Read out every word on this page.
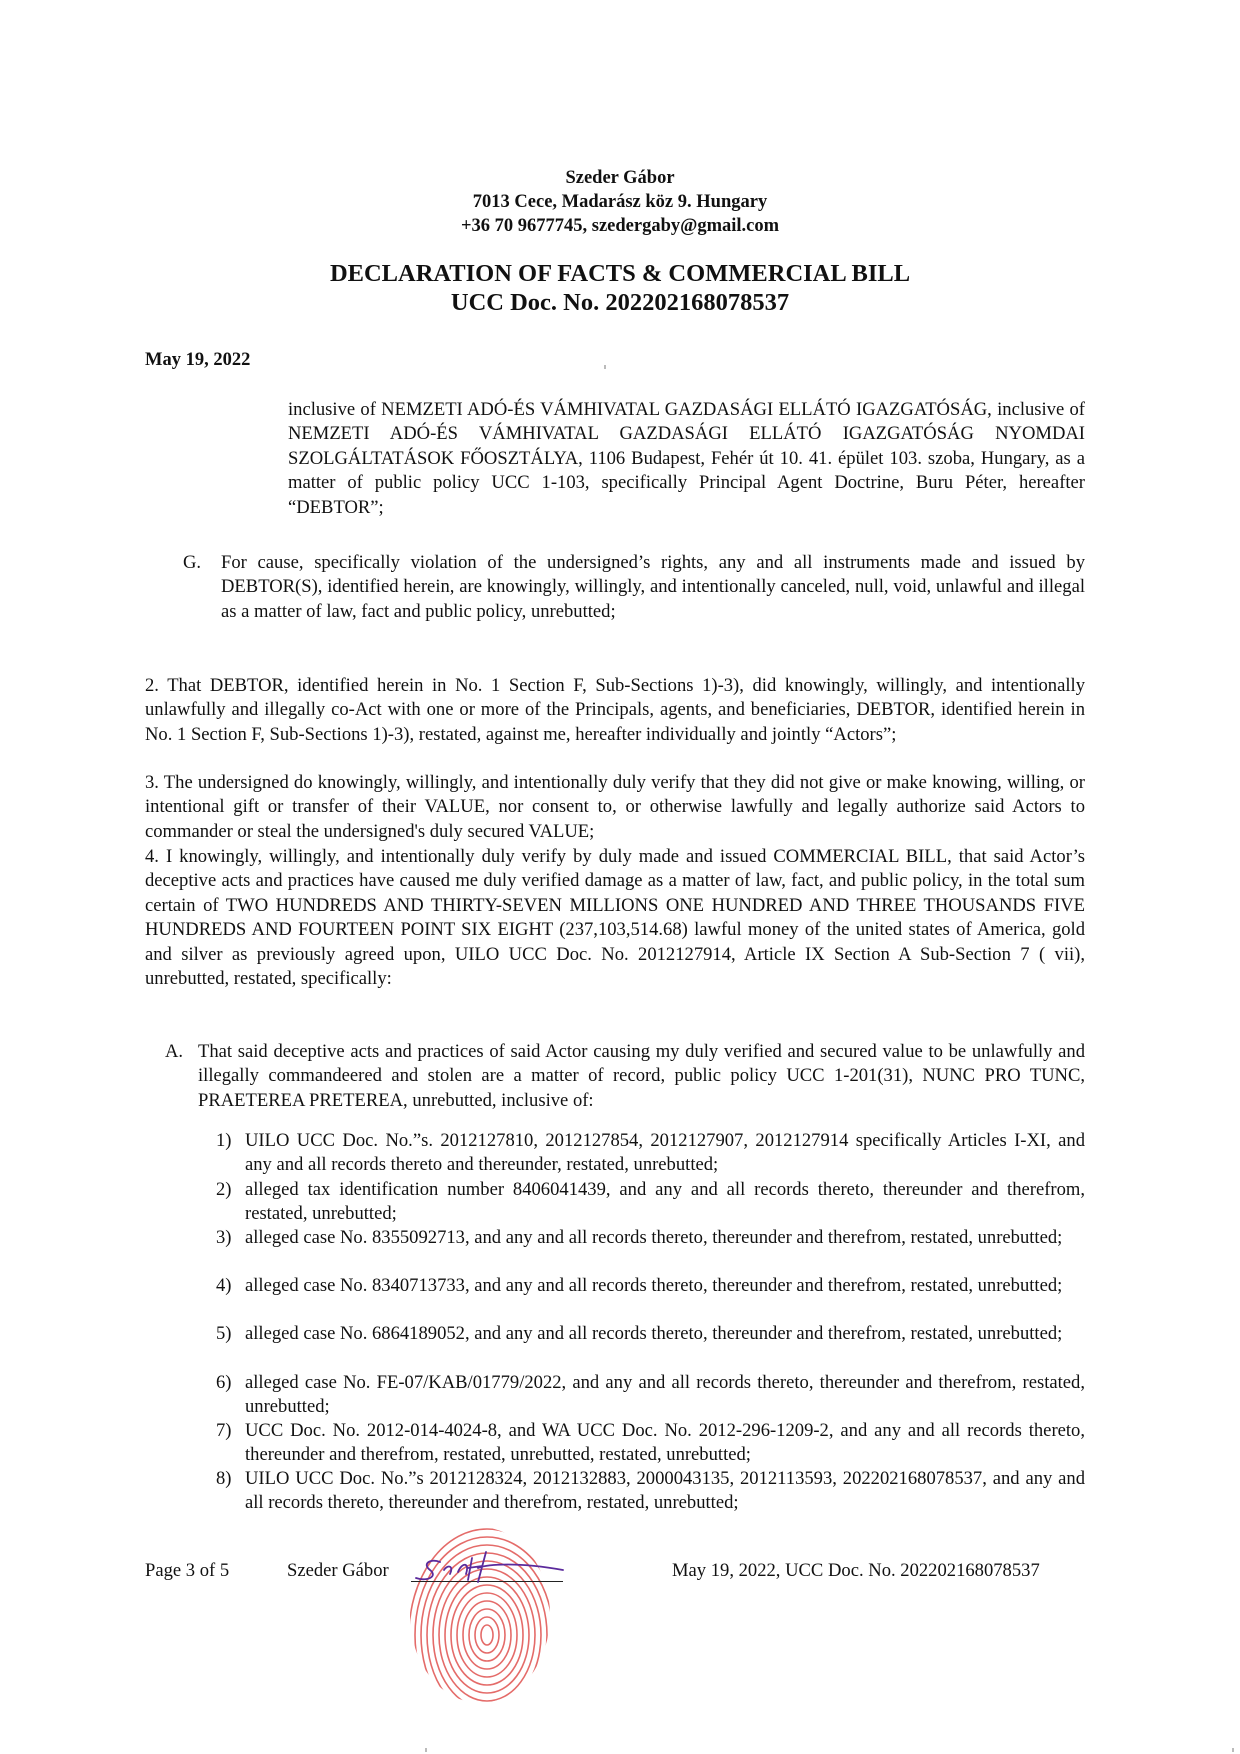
Szeder Gábor
7013 Cece, Madarász köz 9. Hungary
+36 70 9677745, szedergaby@gmail.com
DECLARATION OF FACTS & COMMERCIAL BILL
UCC Doc. No. 202202168078537
May 19, 2022
inclusive of NEMZETI ADÓ-ÉS VÁMHIVATAL GAZDASÁGI ELLÁTÓ IGAZGATÓSÁG, inclusive of NEMZETI ADÓ-ÉS VÁMHIVATAL GAZDASÁGI ELLÁTÓ IGAZGATÓSÁG NYOMDAI SZOLGÁLTATÁSOK FŐOSZTÁLYA, 1106 Budapest, Fehér út 10. 41. épület 103. szoba, Hungary, as a matter of public policy UCC 1-103, specifically Principal Agent Doctrine, Buru Péter, hereafter “DEBTOR”;
G. For cause, specifically violation of the undersigned’s rights, any and all instruments made and issued by DEBTOR(S), identified herein, are knowingly, willingly, and intentionally canceled, null, void, unlawful and illegal as a matter of law, fact and public policy, unrebutted;
2. That DEBTOR, identified herein in No. 1 Section F, Sub-Sections 1)-3), did knowingly, willingly, and intentionally unlawfully and illegally co-Act with one or more of the Principals, agents, and beneficiaries, DEBTOR, identified herein in No. 1 Section F, Sub-Sections 1)-3), restated, against me, hereafter individually and jointly “Actors”;
3. The undersigned do knowingly, willingly, and intentionally duly verify that they did not give or make knowing, willing, or intentional gift or transfer of their VALUE, nor consent to, or otherwise lawfully and legally authorize said Actors to commander or steal the undersigned's duly secured VALUE;
4. I knowingly, willingly, and intentionally duly verify by duly made and issued COMMERCIAL BILL, that said Actor’s deceptive acts and practices have caused me duly verified damage as a matter of law, fact, and public policy, in the total sum certain of TWO HUNDREDS AND THIRTY-SEVEN MILLIONS ONE HUNDRED AND THREE THOUSANDS FIVE HUNDREDS AND FOURTEEN POINT SIX EIGHT (237,103,514.68) lawful money of the united states of America, gold and silver as previously agreed upon, UILO UCC Doc. No. 2012127914, Article IX Section A Sub-Section 7 ( vii), unrebutted, restated, specifically:
A. That said deceptive acts and practices of said Actor causing my duly verified and secured value to be unlawfully and illegally commandeered and stolen are a matter of record, public policy UCC 1-201(31), NUNC PRO TUNC, PRAETEREA PRETEREA, unrebutted, inclusive of:
1) UILO UCC Doc. No.”s. 2012127810, 2012127854, 2012127907, 2012127914 specifically Articles I-XI, and any and all records thereto and thereunder, restated, unrebutted;
2) alleged tax identification number 8406041439, and any and all records thereto, thereunder and therefrom, restated, unrebutted;
3) alleged case No. 8355092713, and any and all records thereto, thereunder and therefrom, restated, unrebutted;
4) alleged case No. 8340713733, and any and all records thereto, thereunder and therefrom, restated, unrebutted;
5) alleged case No. 6864189052, and any and all records thereto, thereunder and therefrom, restated, unrebutted;
6) alleged case No. FE-07/KAB/01779/2022, and any and all records thereto, thereunder and therefrom, restated, unrebutted;
7) UCC Doc. No. 2012-014-4024-8, and WA UCC Doc. No. 2012-296-1209-2, and any and all records thereto, thereunder and therefrom, restated, unrebutted, restated, unrebutted;
8) UILO UCC Doc. No.”s 2012128324, 2012132883, 2000043135, 2012113593, 202202168078537, and any and all records thereto, thereunder and therefrom, restated, unrebutted;
Page 3 of 5	Szeder Gábor	May 19, 2022, UCC Doc. No. 202202168078537
